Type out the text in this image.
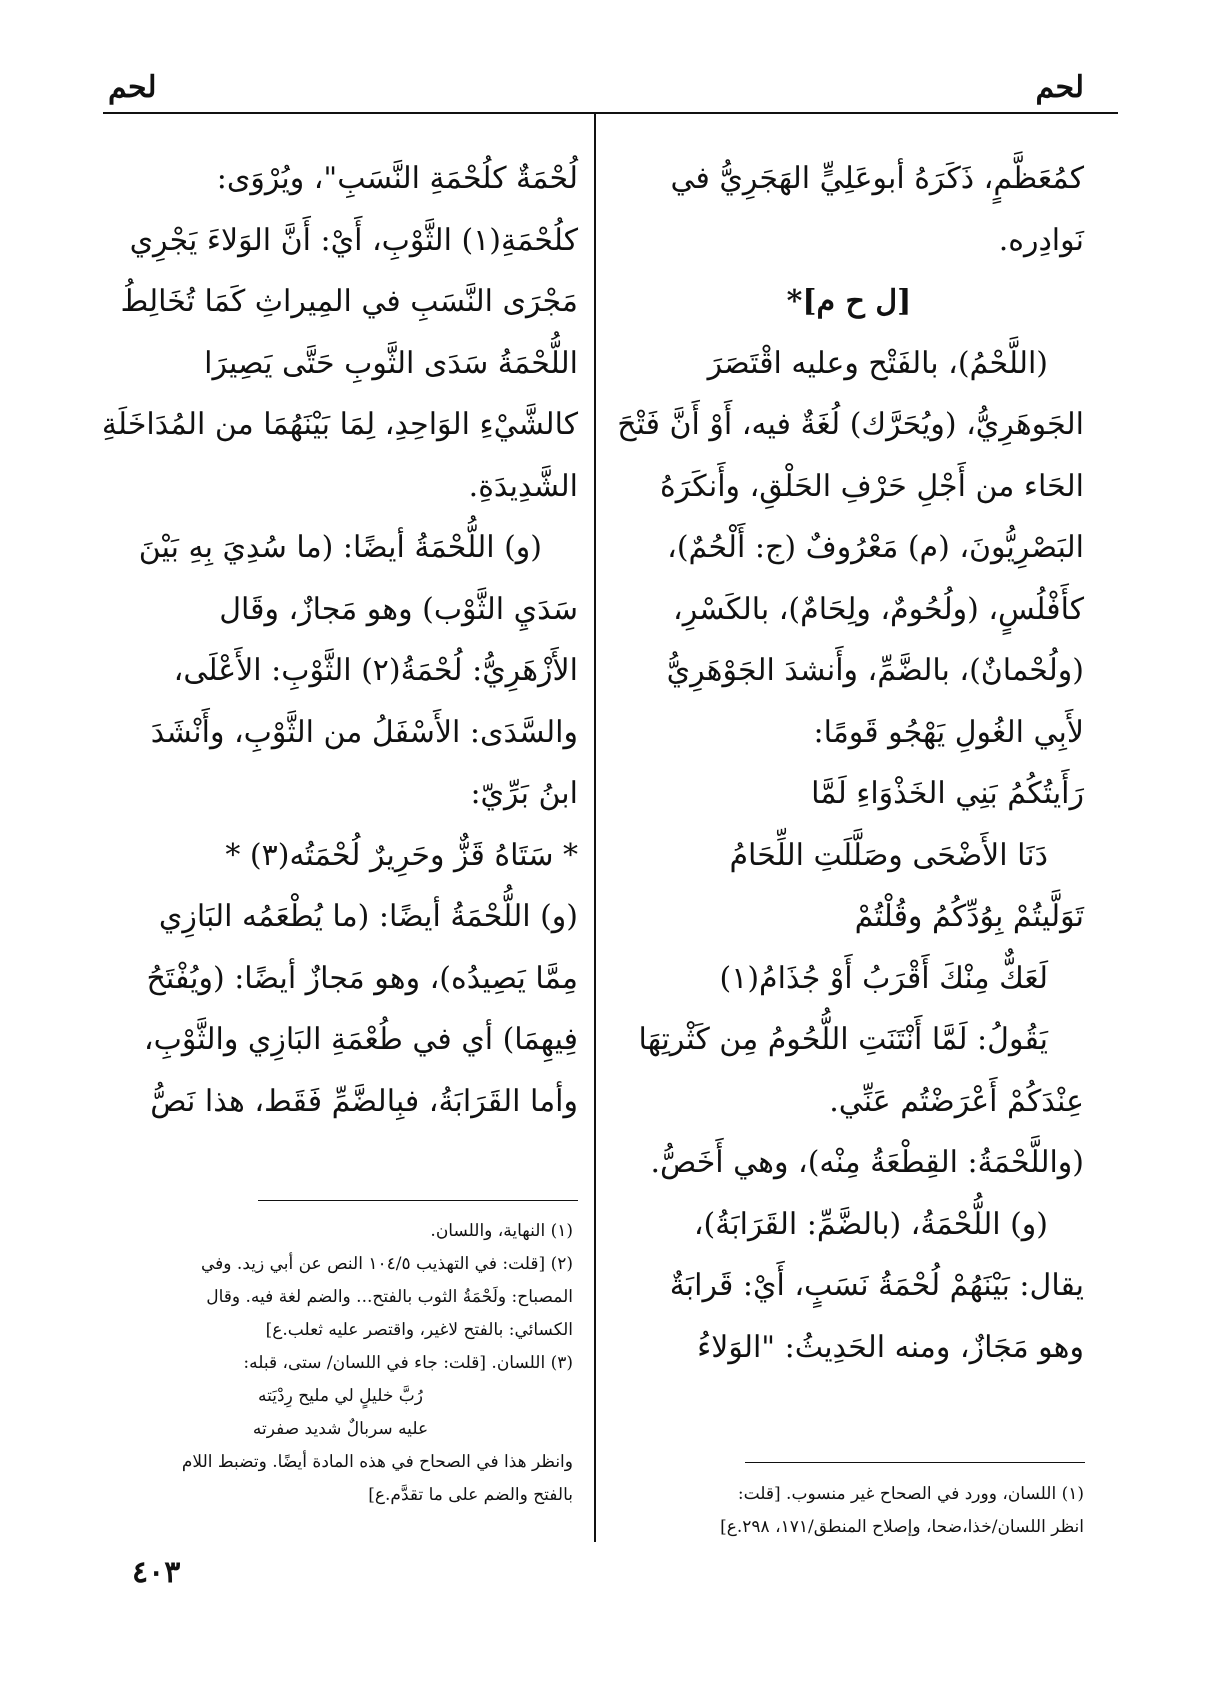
لحم
لحم
كمُعَظَّمٍ، ذَكَرَهُ أبوعَلِيٍّ الهَجَرِيُّ في
نَوادِره.
[ل ح م]*
(اللَّحْمُ)، بالفَتْح وعليه اقْتَصَرَ
الجَوهَرِيُّ، (ويُحَرَّك) لُغَةٌ فيه، أَوْ أَنَّ فَتْحَ
الحَاء من أَجْلِ حَرْفِ الحَلْقِ، وأَنكَرَهُ
البَصْرِيُّونَ، (م) مَعْرُوفٌ (ج: أَلْحُمٌ)،
كأَفْلُسٍ، (ولُحُومٌ، ولِحَامٌ)، بالكَسْرِ،
(ولُحْمانٌ)، بالضَّمِّ، وأَنشدَ الجَوْهَرِيُّ
لأَبِي الغُولِ يَهْجُو قَومًا:
رَأَيتُكُمُ بَنِي الخَذْوَاءِ لَمَّا
دَنَا الأَضْحَى وصَلَّلَتِ اللِّحَامُ
تَوَلَّيتُمْ بِوُدِّكُمُ وقُلْتُمْ
لَعَكٌّ مِنْكَ أَقْرَبُ أَوْ جُذَامُ(١)
يَقُولُ: لَمَّا أَنْتَنَتِ اللُّحُومُ مِن كَثْرتِهَا
عِنْدَكُمْ أَعْرَضْتُم عَنِّي.
(واللَّحْمَةُ: القِطْعَةُ مِنْه)، وهي أَخَصُّ.
(و) اللُّحْمَةُ، (بالضَّمِّ: القَرَابَةُ)،
يقال: بَيْنَهُمْ لُحْمَةُ نَسَبٍ، أَيْ: قَرابَةٌ
وهو مَجَازٌ، ومنه الحَدِيثُ: "الوَلاءُ
لُحْمَةٌ كلُحْمَةِ النَّسَبِ"، ويُرْوَى:
كلُحْمَةِ(١) الثَّوْبِ، أَيْ: أَنَّ الوَلاءَ يَجْرِي
مَجْرَى النَّسَبِ في المِيراثِ كَمَا تُخَالِطُ
اللُّحْمَةُ سَدَى الثَّوبِ حَتَّى يَصِيرَا
كالشَّيْءِ الوَاحِدِ، لِمَا بَيْنَهُمَا من المُدَاخَلَةِ
الشَّدِيدَةِ.
(و) اللُّحْمَةُ أيضًا: (ما سُدِيَ بِهِ بَيْنَ
سَدَيِ الثَّوْب) وهو مَجازٌ، وقَال
الأَزْهَرِيُّ: لُحْمَةُ(٢) الثَّوْبِ: الأَعْلَى،
والسَّدَى: الأَسْفَلُ من الثَّوْبِ، وأَنْشَدَ
ابنُ بَرِّيّ:
* سَتَاهُ قَزٌّ وحَرِيرٌ لُحْمَتُه(٣) *
(و) اللُّحْمَةُ أيضًا: (ما يُطْعَمُه البَازِي
مِمَّا يَصِيدُه)، وهو مَجازٌ أيضًا: (ويُفْتَحُ
فِيهِمَا) أي في طُعْمَةِ البَازِي والثَّوْبِ،
وأما القَرَابَةُ، فبِالضَّمِّ فَقَط، هذا نَصُّ
(١) النهاية، واللسان.
(٢) [قلت: في التهذيب ١٠٤/٥ النص عن أبي زيد. وفي
المصباح: ولَحْمَةُ الثوب بالفتح... والضم لغة فيه. وقال
الكسائي: بالفتح لاغير، واقتصر عليه ثعلب.ع]
(٣) اللسان. [قلت: جاء في اللسان/ ستى، قبله:
رُبَّ خليلٍ لي مليح رِدْيَته
عليه سربالٌ شديد صفرته
وانظر هذا في الصحاح في هذه المادة أيضًا. وتضبط اللام
بالفتح والضم على ما تقدَّم.ع]	(١) اللسان، وورد في الصحاح غير منسوب. [قلت:
انظر اللسان/خذا،ضحا، وإصلاح المنطق/١٧١، ٢٩٨.ع]
٤٠٣
